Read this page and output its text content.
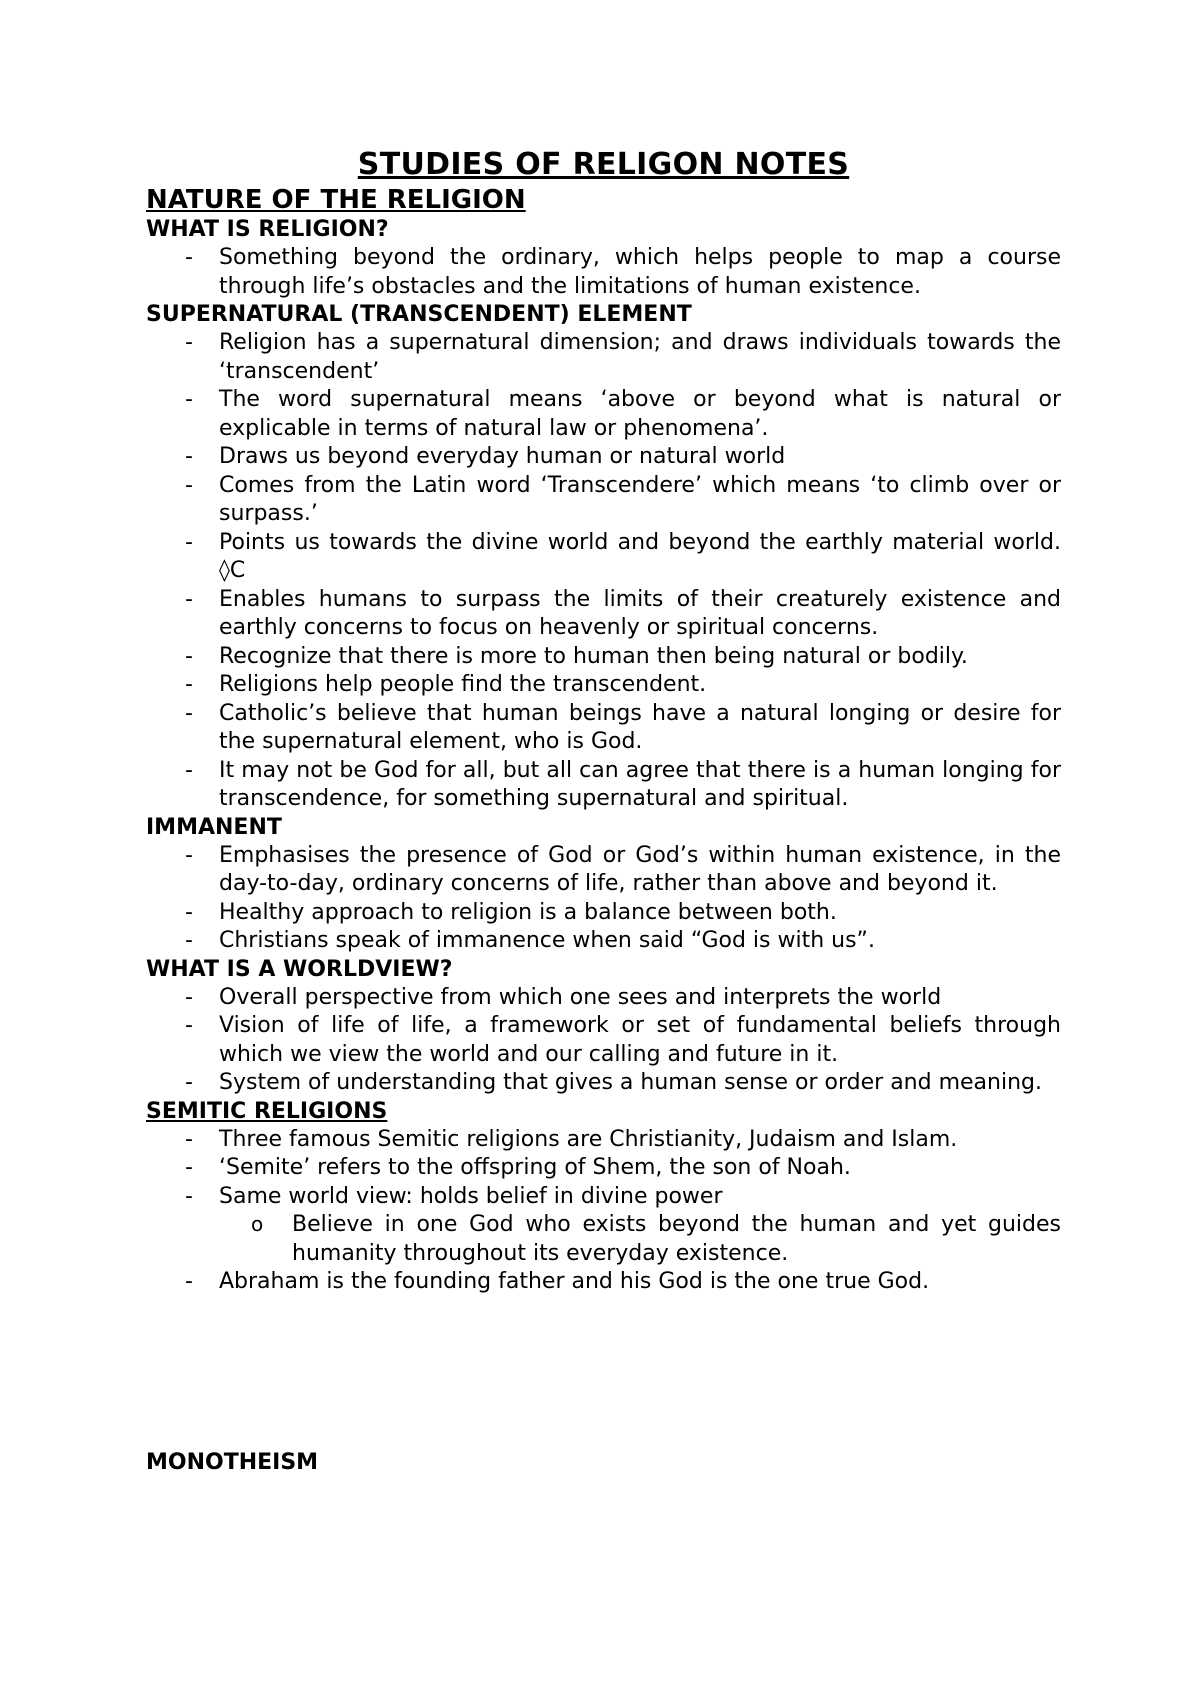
STUDIES OF RELIGON NOTES
NATURE OF THE RELIGION
WHAT IS RELIGION?
- Something beyond the ordinary, which helps people to map a course through life’s obstacles and the limitations of human existence.
SUPERNATURAL (TRANSCENDENT) ELEMENT
- Religion has a supernatural dimension; and draws individuals towards the ‘transcendent’
- The word supernatural means ‘above or beyond what is natural or explicable in terms of natural law or phenomena’.
- Draws us beyond everyday human or natural world
- Comes from the Latin word ‘Transcendere’ which means ‘to climb over or surpass.’
- Points us towards the divine world and beyond the earthly material world. ◊C
- Enables humans to surpass the limits of their creaturely existence and earthly concerns to focus on heavenly or spiritual concerns.
- Recognize that there is more to human then being natural or bodily.
- Religions help people find the transcendent.
- Catholic’s believe that human beings have a natural longing or desire for the supernatural element, who is God.
- It may not be God for all, but all can agree that there is a human longing for transcendence, for something supernatural and spiritual.
IMMANENT
- Emphasises the presence of God or God’s within human existence, in the day-to-day, ordinary concerns of life, rather than above and beyond it.
- Healthy approach to religion is a balance between both.
- Christians speak of immanence when said “God is with us”.
WHAT IS A WORLDVIEW?
- Overall perspective from which one sees and interprets the world
- Vision of life of life, a framework or set of fundamental beliefs through which we view the world and our calling and future in it.
- System of understanding that gives a human sense or order and meaning.
SEMITIC RELIGIONS
- Three famous Semitic religions are Christianity, Judaism and Islam.
- ‘Semite’ refers to the offspring of Shem, the son of Noah.
- Same world view: holds belief in divine power
o Believe in one God who exists beyond the human and yet guides humanity throughout its everyday existence.
- Abraham is the founding father and his God is the one true God.
MONOTHEISM
